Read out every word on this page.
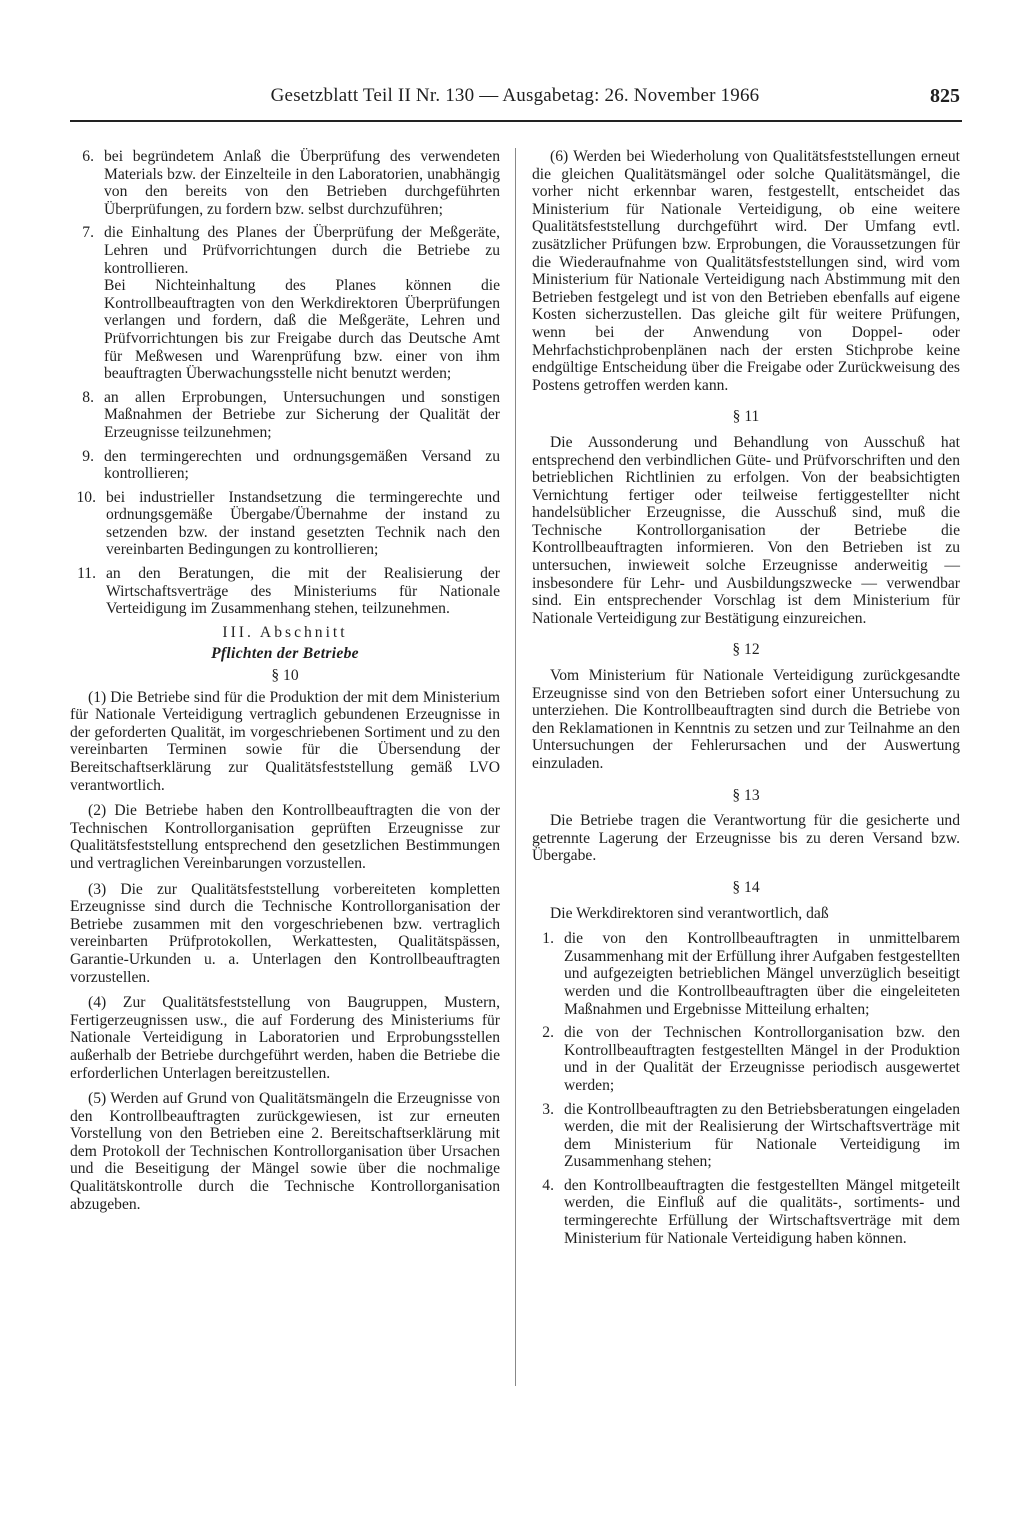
Gesetzblatt Teil II Nr. 130 — Ausgabetag: 26. November 1966	825
6. bei begründetem Anlaß die Überprüfung des verwendeten Materials bzw. der Einzelteile in den Laboratorien, unabhängig von den bereits von den Betrieben durchgeführten Überprüfungen, zu fordern bzw. selbst durchzuführen;
7. die Einhaltung des Planes der Überprüfung der Meßgeräte, Lehren und Prüfvorrichtungen durch die Betriebe zu kontrollieren.
Bei Nichteinhaltung des Planes können die Kontrollbeauftragten von den Werkdirektoren Überprüfungen verlangen und fordern, daß die Meßgeräte, Lehren und Prüfvorrichtungen bis zur Freigabe durch das Deutsche Amt für Meßwesen und Warenprüfung bzw. einer von ihm beauftragten Überwachungsstelle nicht benutzt werden;
8. an allen Erprobungen, Untersuchungen und sonstigen Maßnahmen der Betriebe zur Sicherung der Qualität der Erzeugnisse teilzunehmen;
9. den termingerechten und ordnungsgemäßen Versand zu kontrollieren;
10. bei industrieller Instandsetzung die termingerechte und ordnungsgemäße Übergabe/Übernahme der instand zu setzenden bzw. der instand gesetzten Technik nach den vereinbarten Bedingungen zu kontrollieren;
11. an den Beratungen, die mit der Realisierung der Wirtschaftsverträge des Ministeriums für Nationale Verteidigung im Zusammenhang stehen, teilzunehmen.
III. Abschnitt
Pflichten der Betriebe
§ 10

(1) Die Betriebe sind für die Produktion der mit dem Ministerium für Nationale Verteidigung vertraglich gebundenen Erzeugnisse in der geforderten Qualität, im vorgeschriebenen Sortiment und zu den vereinbarten Terminen sowie für die Übersendung der Bereitschaftserklärung zur Qualitätsfeststellung gemäß LVO verantwortlich.

(2) Die Betriebe haben den Kontrollbeauftragten die von der Technischen Kontrollorganisation geprüften Erzeugnisse zur Qualitätsfeststellung entsprechend den gesetzlichen Bestimmungen und vertraglichen Vereinbarungen vorzustellen.

(3) Die zur Qualitätsfeststellung vorbereiteten kompletten Erzeugnisse sind durch die Technische Kontrollorganisation der Betriebe zusammen mit den vorgeschriebenen bzw. vertraglich vereinbarten Prüfprotokollen, Werkattesten, Qualitätspässen, Garantie-Urkunden u. a. Unterlagen den Kontrollbeauftragten vorzustellen.

(4) Zur Qualitätsfeststellung von Baugruppen, Mustern, Fertigerzeugnissen usw., die auf Forderung des Ministeriums für Nationale Verteidigung in Laboratorien und Erprobungsstellen außerhalb der Betriebe durchgeführt werden, haben die Betriebe die erforderlichen Unterlagen bereitzustellen.

(5) Werden auf Grund von Qualitätsmängeln die Erzeugnisse von den Kontrollbeauftragten zurückgewiesen, ist zur erneuten Vorstellung von den Betrieben eine 2. Bereitschaftserklärung mit dem Protokoll der Technischen Kontrollorganisation über Ursachen und die Beseitigung der Mängel sowie über die nochmalige Qualitätskontrolle durch die Technische Kontrollorganisation abzugeben.

(6) Werden bei Wiederholung von Qualitätsfeststellungen erneut die gleichen Qualitätsmängel oder solche Qualitätsmängel, die vorher nicht erkennbar waren, festgestellt, entscheidet das Ministerium für Nationale Verteidigung, ob eine weitere Qualitätsfeststellung durchgeführt wird. Der Umfang evtl. zusätzlicher Prüfungen bzw. Erprobungen, die Voraussetzungen für die Wiederaufnahme von Qualitätsfeststellungen sind, wird vom Ministerium für Nationale Verteidigung nach Abstimmung mit den Betrieben festgelegt und ist von den Betrieben ebenfalls auf eigene Kosten sicherzustellen. Das gleiche gilt für weitere Prüfungen, wenn bei der Anwendung von Doppel- oder Mehrfachstichprobenplänen nach der ersten Stichprobe keine endgültige Entscheidung über die Freigabe oder Zurückweisung des Postens getroffen werden kann.

§ 11

Die Aussonderung und Behandlung von Ausschuß hat entsprechend den verbindlichen Güte- und Prüfvorschriften und den betrieblichen Richtlinien zu erfolgen. Von der beabsichtigten Vernichtung fertiger oder teilweise fertiggestellter nicht handelsüblicher Erzeugnisse, die Ausschuß sind, muß die Technische Kontrollorganisation der Betriebe die Kontrollbeauftragten informieren. Von den Betrieben ist zu untersuchen, inwieweit solche Erzeugnisse anderweitig — insbesondere für Lehr- und Ausbildungszwecke — verwendbar sind. Ein entsprechender Vorschlag ist dem Ministerium für Nationale Verteidigung zur Bestätigung einzureichen.

§ 12

Vom Ministerium für Nationale Verteidigung zurückgesandte Erzeugnisse sind von den Betrieben sofort einer Untersuchung zu unterziehen. Die Kontrollbeauftragten sind durch die Betriebe von den Reklamationen in Kenntnis zu setzen und zur Teilnahme an den Untersuchungen der Fehlerursachen und der Auswertung einzuladen.

§ 13

Die Betriebe tragen die Verantwortung für die gesicherte und getrennte Lagerung der Erzeugnisse bis zu deren Versand bzw. Übergabe.

§ 14

Die Werkdirektoren sind verantwortlich, daß

1. die von den Kontrollbeauftragten in unmittelbarem Zusammenhang mit der Erfüllung ihrer Aufgaben festgestellten und aufgezeigten betrieblichen Mängel unverzüglich beseitigt werden und die Kontrollbeauftragten über die eingeleiteten Maßnahmen und Ergebnisse Mitteilung erhalten;
2. die von der Technischen Kontrollorganisation bzw. den Kontrollbeauftragten festgestellten Mängel in der Produktion und in der Qualität der Erzeugnisse periodisch ausgewertet werden;
3. die Kontrollbeauftragten zu den Betriebsberatungen eingeladen werden, die mit der Realisierung der Wirtschaftsverträge mit dem Ministerium für Nationale Verteidigung im Zusammenhang stehen;
4. den Kontrollbeauftragten die festgestellten Mängel mitgeteilt werden, die Einfluß auf die qualitäts-, sortiments- und termingerechte Erfüllung der Wirtschaftsverträge mit dem Ministerium für Nationale Verteidigung haben können.
